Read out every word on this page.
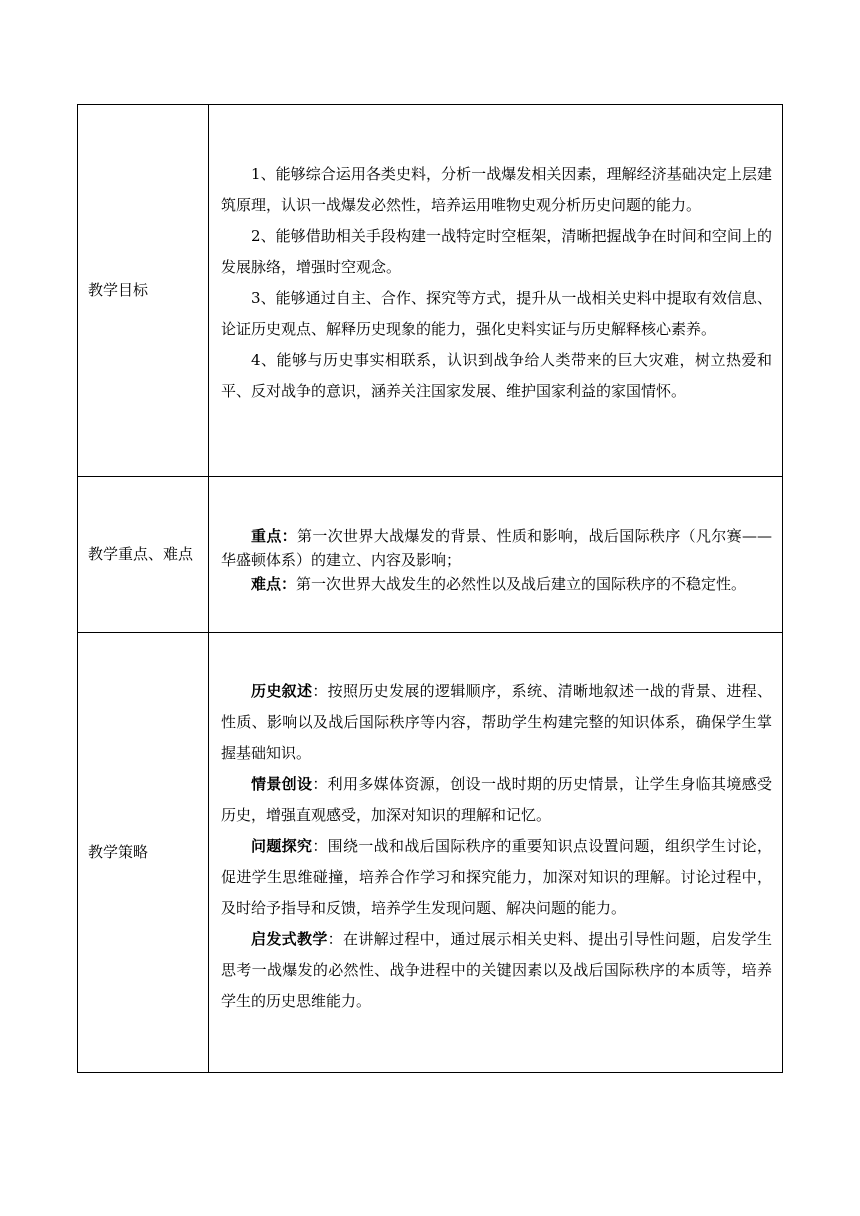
教学目标	1、能够综合运用各类史料，分析一战爆发相关因素，理解经济基础决定上层建筑原理，认识一战爆发必然性，培养运用唯物史观分析历史问题的能力。

2、能够借助相关手段构建一战特定时空框架，清晰把握战争在时间和空间上的发展脉络，增强时空观念。

3、能够通过自主、合作、探究等方式，提升从一战相关史料中提取有效信息、论证历史观点、解释历史现象的能力，强化史料实证与历史解释核心素养。

4、能够与历史事实相联系，认识到战争给人类带来的巨大灾难，树立热爱和平、反对战争的意识，涵养关注国家发展、维护国家利益的家国情怀。

教学重点、难点	重点：第一次世界大战爆发的背景、性质和影响，战后国际秩序（凡尔赛——华盛顿体系）的建立、内容及影响；

难点：第一次世界大战发生的必然性以及战后建立的国际秩序的不稳定性。

教学策略	历史叙述：按照历史发展的逻辑顺序，系统、清晰地叙述一战的背景、进程、性质、影响以及战后国际秩序等内容，帮助学生构建完整的知识体系，确保学生掌握基础知识。

情景创设：利用多媒体资源，创设一战时期的历史情景，让学生身临其境感受历史，增强直观感受，加深对知识的理解和记忆。

问题探究：围绕一战和战后国际秩序的重要知识点设置问题，组织学生讨论，促进学生思维碰撞，培养合作学习和探究能力，加深对知识的理解。讨论过程中，及时给予指导和反馈，培养学生发现问题、解决问题的能力。

启发式教学：在讲解过程中，通过展示相关史料、提出引导性问题，启发学生思考一战爆发的必然性、战争进程中的关键因素以及战后国际秩序的本质等，培养学生的历史思维能力。
